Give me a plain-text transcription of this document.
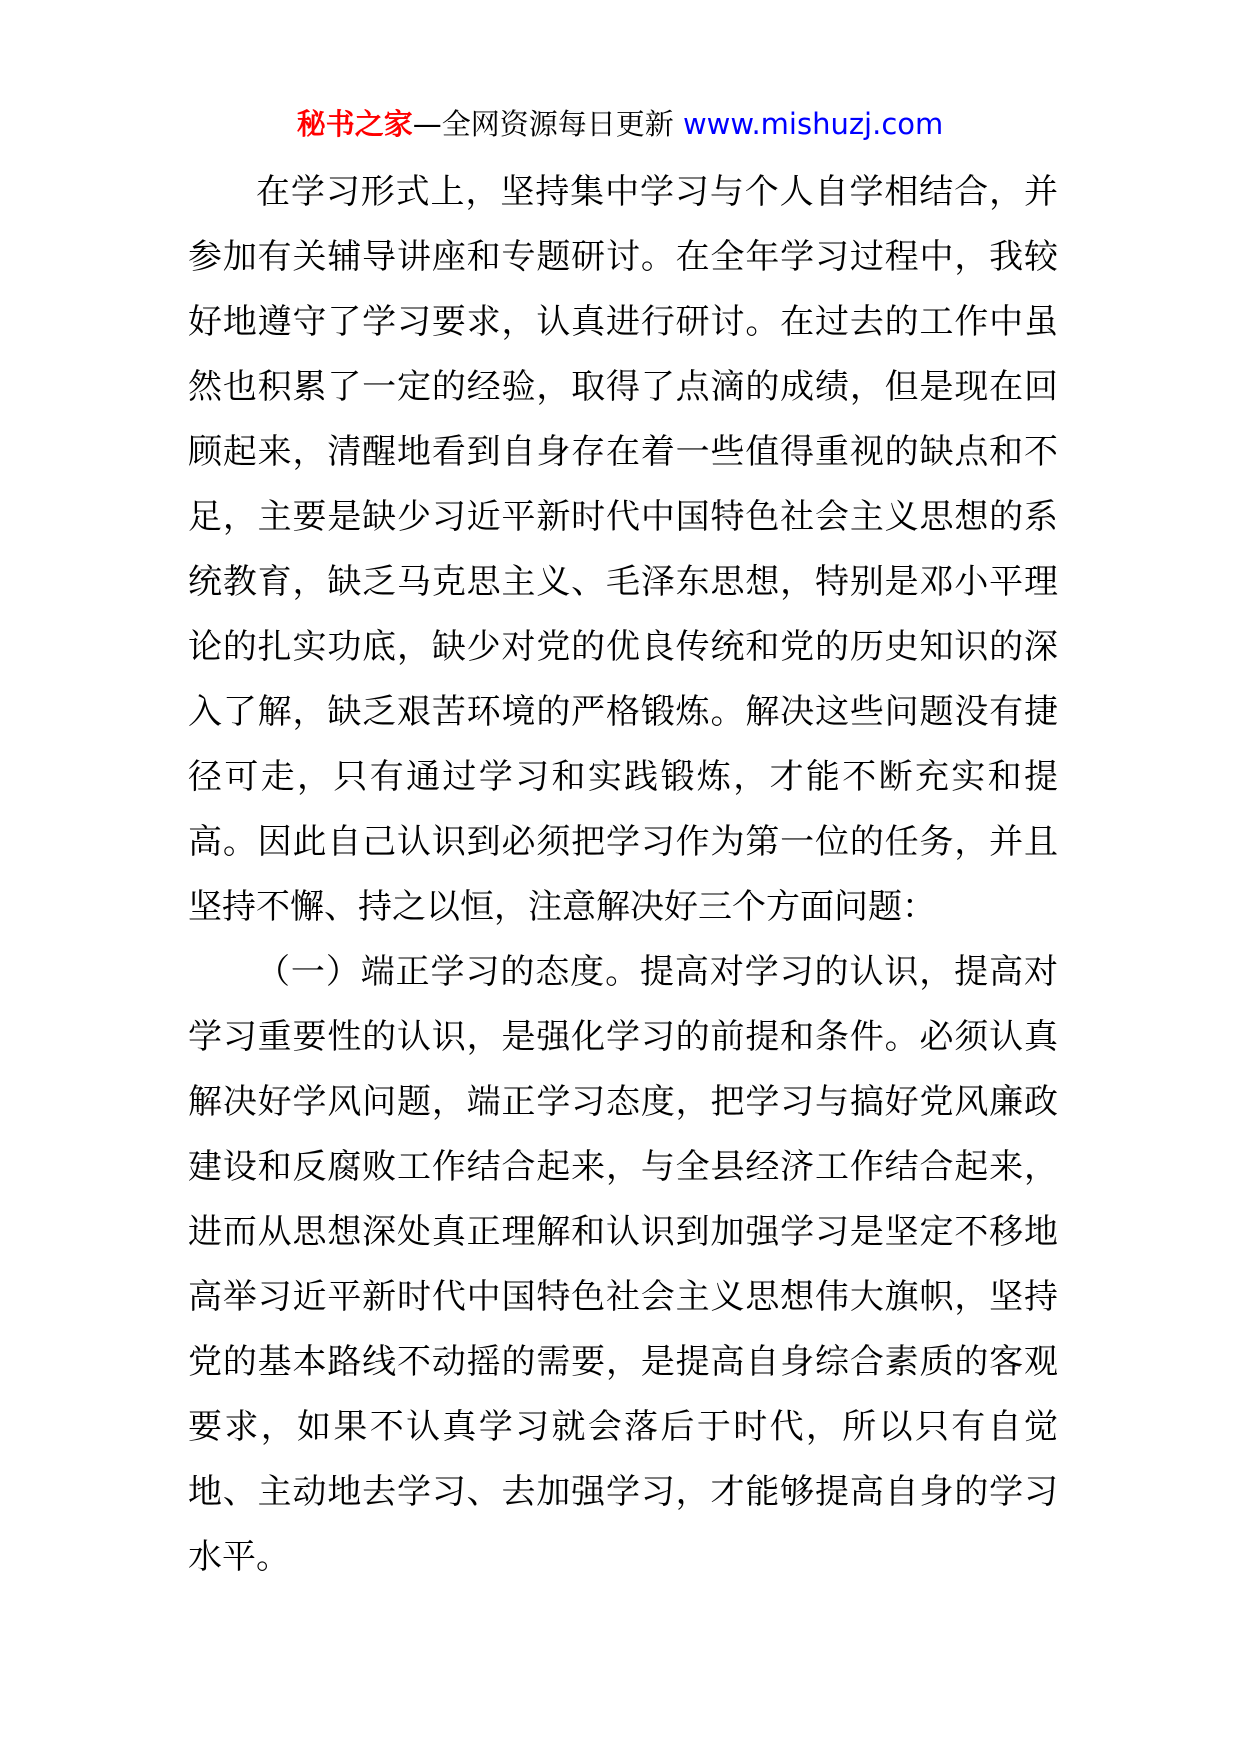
秘书之家—全网资源每日更新 www.mishuzj.com

在学习形式上，坚持集中学习与个人自学相结合，并参加有关辅导讲座和专题研讨。在全年学习过程中，我较好地遵守了学习要求，认真进行研讨。在过去的工作中虽然也积累了一定的经验，取得了点滴的成绩，但是现在回顾起来，清醒地看到自身存在着一些值得重视的缺点和不足，主要是缺少习近平新时代中国特色社会主义思想的系统教育，缺乏马克思主义、毛泽东思想，特别是邓小平理论的扎实功底，缺少对党的优良传统和党的历史知识的深入了解，缺乏艰苦环境的严格锻炼。解决这些问题没有捷径可走，只有通过学习和实践锻炼，才能不断充实和提高。因此自己认识到必须把学习作为第一位的任务，并且坚持不懈、持之以恒，注意解决好三个方面问题：

（一）端正学习的态度。提高对学习的认识，提高对学习重要性的认识，是强化学习的前提和条件。必须认真解决好学风问题，端正学习态度，把学习与搞好党风廉政建设和反腐败工作结合起来，与全县经济工作结合起来，进而从思想深处真正理解和认识到加强学习是坚定不移地高举习近平新时代中国特色社会主义思想伟大旗帜，坚持党的基本路线不动摇的需要，是提高自身综合素质的客观要求，如果不认真学习就会落后于时代，所以只有自觉地、主动地去学习、去加强学习，才能够提高自身的学习水平。
